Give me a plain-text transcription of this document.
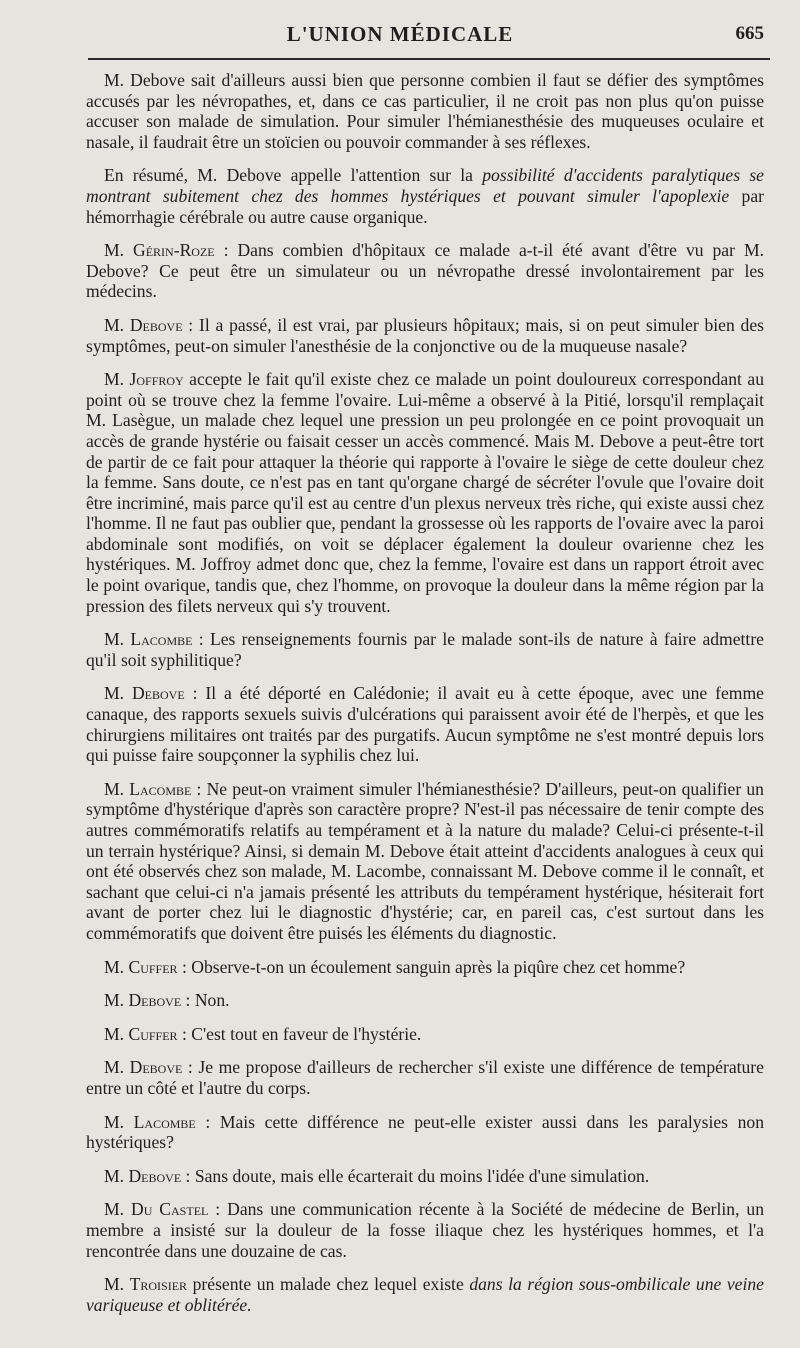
L'UNION MÉDICALE	665

M. Debove sait d'ailleurs aussi bien que personne combien il faut se défier des symptômes accusés par les névropathes, et, dans ce cas particulier, il ne croit pas non plus qu'on puisse accuser son malade de simulation. Pour simuler l'hémianesthésie des muqueuses oculaire et nasale, il faudrait être un stoïcien ou pouvoir commander à ses réflexes.

En résumé, M. Debove appelle l'attention sur la possibilité d'accidents paralytiques se montrant subitement chez des hommes hystériques et pouvant simuler l'apoplexie par hémorrhagie cérébrale ou autre cause organique.

M. Gérin-Roze : Dans combien d'hôpitaux ce malade a-t-il été avant d'être vu par M. Debove? Ce peut être un simulateur ou un névropathe dressé involontairement par les médecins.

M. Debove : Il a passé, il est vrai, par plusieurs hôpitaux; mais, si on peut simuler bien des symptômes, peut-on simuler l'anesthésie de la conjonctive ou de la muqueuse nasale?

M. Joffroy accepte le fait qu'il existe chez ce malade un point douloureux correspondant au point où se trouve chez la femme l'ovaire. Lui-même a observé à la Pitié, lorsqu'il remplaçait M. Lasègue, un malade chez lequel une pression un peu prolongée en ce point provoquait un accès de grande hystérie ou faisait cesser un accès commencé. Mais M. Debove a peut-être tort de partir de ce fait pour attaquer la théorie qui rapporte à l'ovaire le siège de cette douleur chez la femme. Sans doute, ce n'est pas en tant qu'organe chargé de sécréter l'ovule que l'ovaire doit être incriminé, mais parce qu'il est au centre d'un plexus nerveux très riche, qui existe aussi chez l'homme. Il ne faut pas oublier que, pendant la grossesse où les rapports de l'ovaire avec la paroi abdominale sont modifiés, on voit se déplacer également la douleur ovarienne chez les hystériques. M. Joffroy admet donc que, chez la femme, l'ovaire est dans un rapport étroit avec le point ovarique, tandis que, chez l'homme, on provoque la douleur dans la même région par la pression des filets nerveux qui s'y trouvent.

M. Lacombe : Les renseignements fournis par le malade sont-ils de nature à faire admettre qu'il soit syphilitique?

M. Debove : Il a été déporté en Calédonie; il avait eu à cette époque, avec une femme canaque, des rapports sexuels suivis d'ulcérations qui paraissent avoir été de l'herpès, et que les chirurgiens militaires ont traités par des purgatifs. Aucun symptôme ne s'est montré depuis lors qui puisse faire soupçonner la syphilis chez lui.

M. Lacombe : Ne peut-on vraiment simuler l'hémianesthésie? D'ailleurs, peut-on qualifier un symptôme d'hystérique d'après son caractère propre? N'est-il pas nécessaire de tenir compte des autres commémoratifs relatifs au tempérament et à la nature du malade? Celui-ci présente-t-il un terrain hystérique? Ainsi, si demain M. Debove était atteint d'accidents analogues à ceux qui ont été observés chez son malade, M. Lacombe, connaissant M. Debove comme il le connaît, et sachant que celui-ci n'a jamais présenté les attributs du tempérament hystérique, hésiterait fort avant de porter chez lui le diagnostic d'hystérie; car, en pareil cas, c'est surtout dans les commémoratifs que doivent être puisés les éléments du diagnostic.

M. Cuffer : Observe-t-on un écoulement sanguin après la piqûre chez cet homme?

M. Debove : Non.

M. Cuffer : C'est tout en faveur de l'hystérie.

M. Debove : Je me propose d'ailleurs de rechercher s'il existe une différence de température entre un côté et l'autre du corps.

M. Lacombe : Mais cette différence ne peut-elle exister aussi dans les paralysies non hystériques?

M. Debove : Sans doute, mais elle écarterait du moins l'idée d'une simulation.

M. Du Castel : Dans une communication récente à la Société de médecine de Berlin, un membre a insisté sur la douleur de la fosse iliaque chez les hystériques hommes, et l'a rencontrée dans une douzaine de cas.

M. Troisier présente un malade chez lequel existe dans la région sous-ombilicale une veine variqueuse et oblitérée.
